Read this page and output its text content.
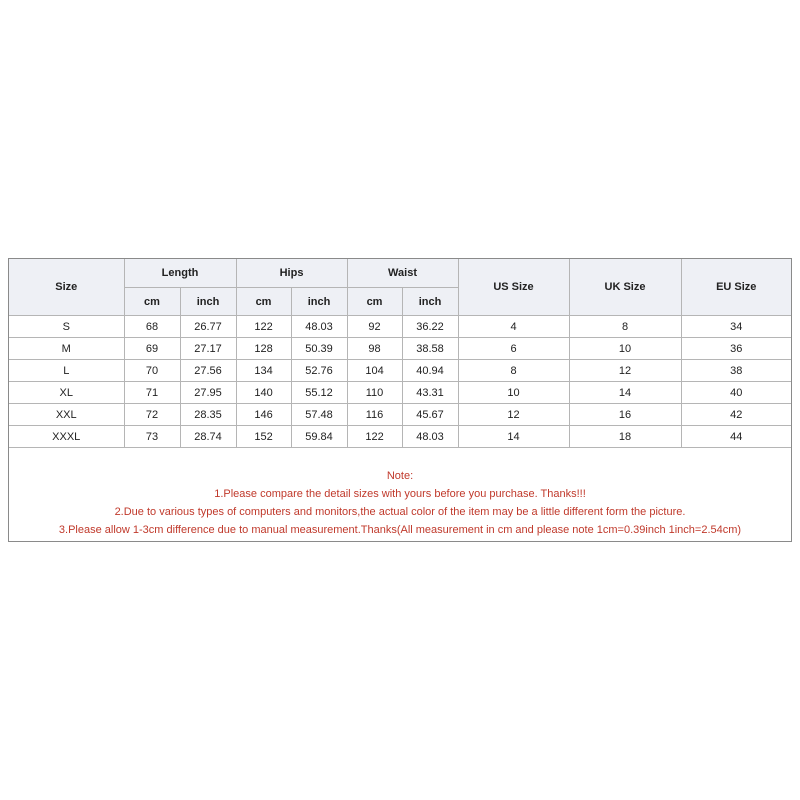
Size	Length		Hips		Waist		US Size	UK Size	EU Size
	cm	inch	cm	inch	cm	inch			
S	68	26.77	122	48.03	92	36.22	4	8	34
M	69	27.17	128	50.39	98	38.58	6	10	36
L	70	27.56	134	52.76	104	40.94	8	12	38
XL	71	27.95	140	55.12	110	43.31	10	14	40
XXL	72	28.35	146	57.48	116	45.67	12	16	42
XXXL	73	28.74	152	59.84	122	48.03	14	18	44
Note:
1.Please compare the detail sizes with yours before you purchase. Thanks!!!
2.Due to various types of computers and monitors,the actual color of the item may be a little different form the picture.
3.Please allow 1-3cm difference due to manual measurement.Thanks(All measurement in cm and please note 1cm=0.39inch 1inch=2.54cm)
